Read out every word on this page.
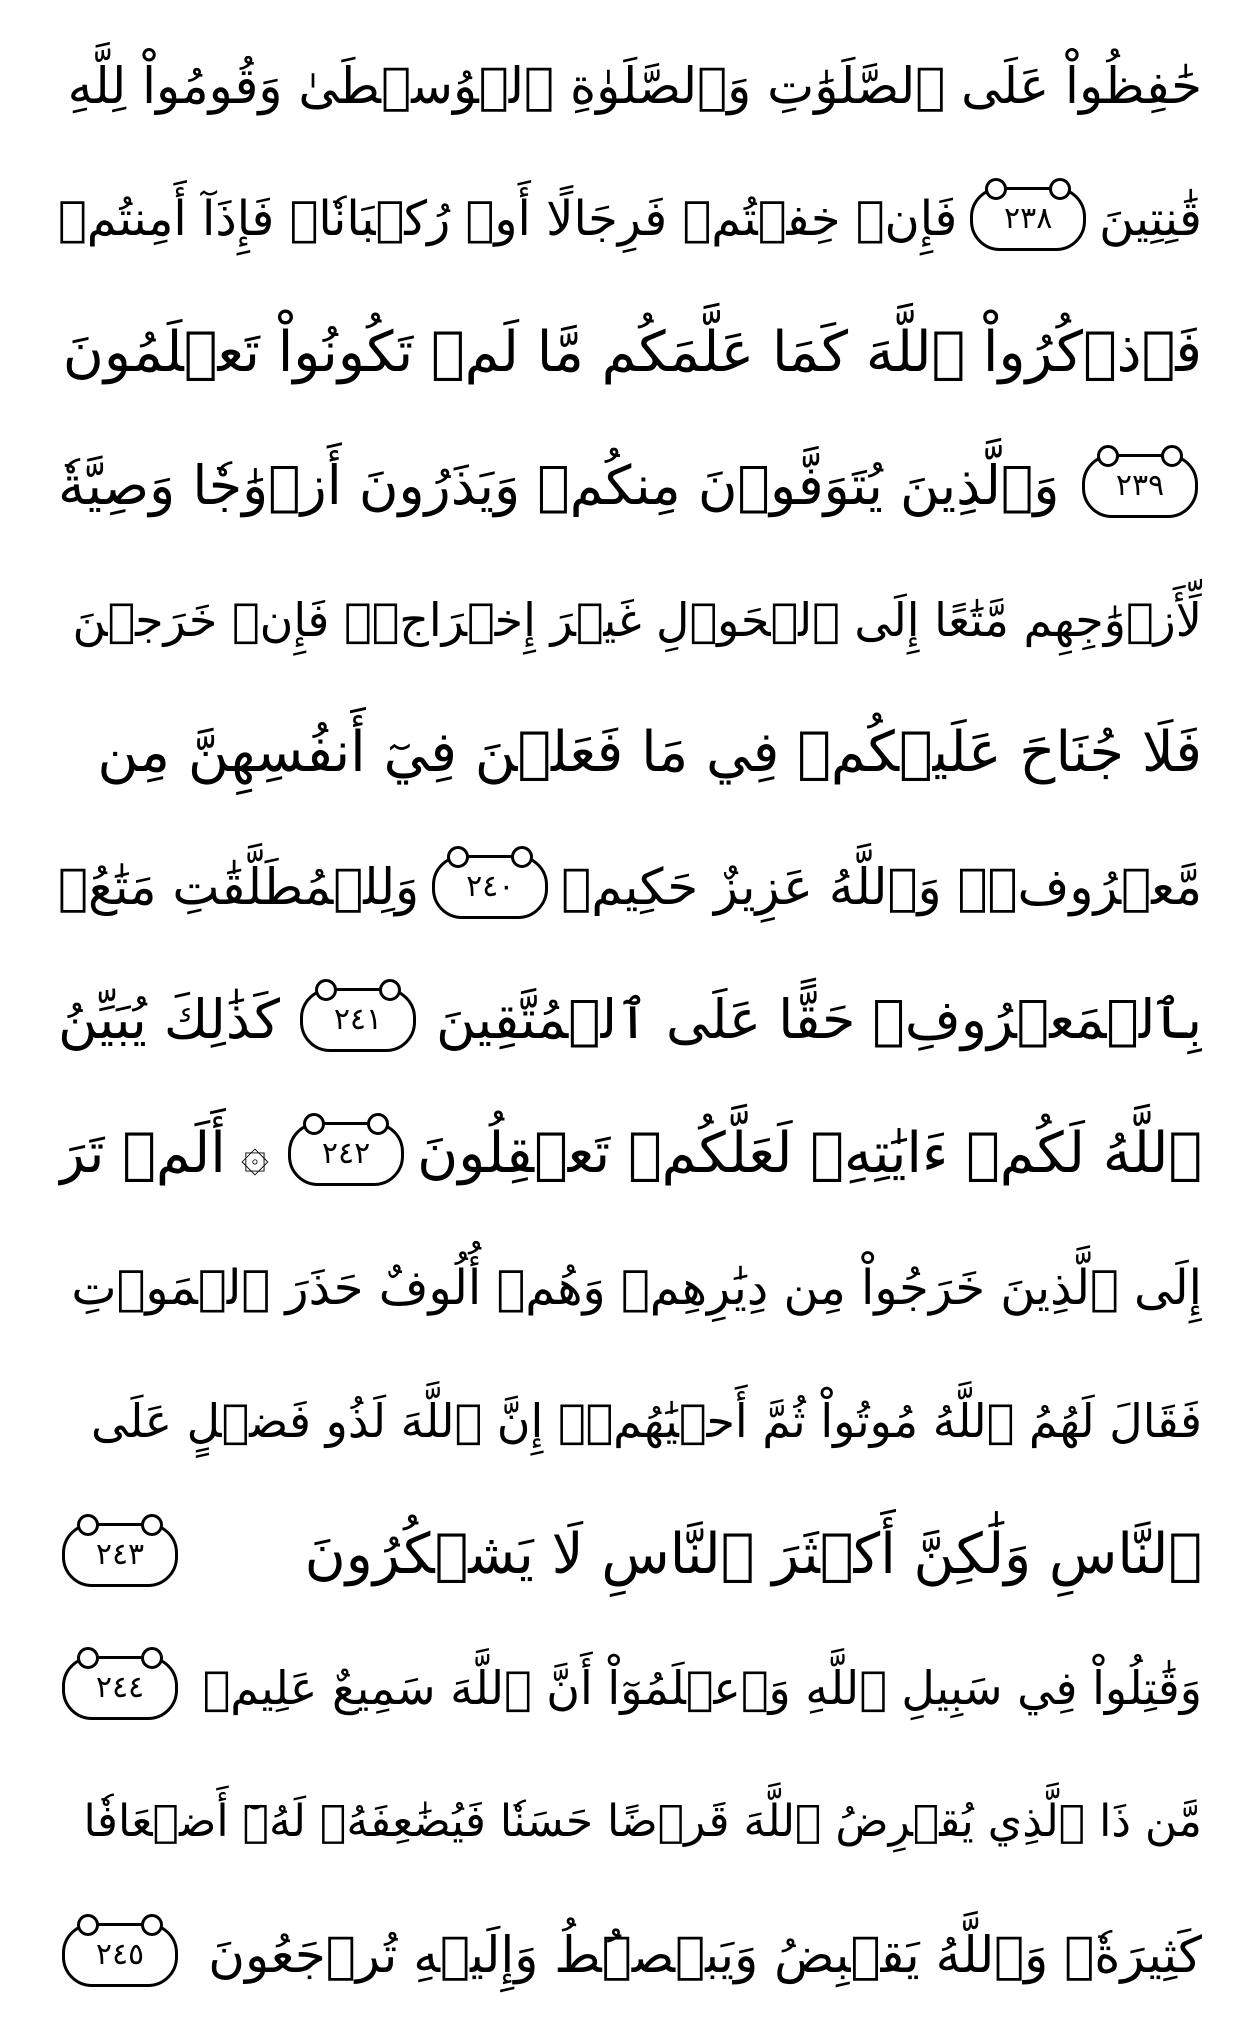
حَٰفِظُواْ عَلَى ٱلصَّلَوَٰتِ وَٱلصَّلَوٰةِ ٱلۡوُسۡطَىٰ وَقُومُواْ لِلَّهِ
قَٰنِتِينَ
٢٣٨
فَإِنۡ خِفۡتُمۡ فَرِجَالًا أَوۡ رُكۡبَانٗاۖ فَإِذَآ أَمِنتُمۡ
فَٱذۡكُرُواْ ٱللَّهَ كَمَا عَلَّمَكُم مَّا لَمۡ تَكُونُواْ تَعۡلَمُونَ
٢٣٩
وَٱلَّذِينَ يُتَوَفَّوۡنَ مِنكُمۡ وَيَذَرُونَ أَزۡوَٰجٗا وَصِيَّةٗ
لِّأَزۡوَٰجِهِم مَّتَٰعًا إِلَى ٱلۡحَوۡلِ غَيۡرَ إِخۡرَاجٖۚ فَإِنۡ خَرَجۡنَ
فَلَا جُنَاحَ عَلَيۡكُمۡ فِي مَا فَعَلۡنَ فِيٓ أَنفُسِهِنَّ مِن
مَّعۡرُوفٖۗ وَٱللَّهُ عَزِيزٌ حَكِيمٞ
٢٤٠
وَلِلۡمُطَلَّقَٰتِ مَتَٰعُۢ
بِٱلۡمَعۡرُوفِۖ حَقًّا عَلَى ٱلۡمُتَّقِينَ
٢٤١
كَذَٰلِكَ يُبَيِّنُ
ٱللَّهُ لَكُمۡ ءَايَٰتِهِۦ لَعَلَّكُمۡ تَعۡقِلُونَ
٢٤٢
۞
أَلَمۡ تَرَ
إِلَى ٱلَّذِينَ خَرَجُواْ مِن دِيَٰرِهِمۡ وَهُمۡ أُلُوفٌ حَذَرَ ٱلۡمَوۡتِ
فَقَالَ لَهُمُ ٱللَّهُ مُوتُواْ ثُمَّ أَحۡيَٰهُمۡۚ إِنَّ ٱللَّهَ لَذُو فَضۡلٍ عَلَى
ٱلنَّاسِ وَلَٰكِنَّ أَكۡثَرَ ٱلنَّاسِ لَا يَشۡكُرُونَ
٢٤٣
وَقَٰتِلُواْ فِي سَبِيلِ ٱللَّهِ وَٱعۡلَمُوٓاْ أَنَّ ٱللَّهَ سَمِيعٌ عَلِيمٞ
٢٤٤
مَّن ذَا ٱلَّذِي يُقۡرِضُ ٱللَّهَ قَرۡضًا حَسَنٗا فَيُضَٰعِفَهُۥ لَهُۥٓ أَضۡعَافٗا
كَثِيرَةٗۚ وَٱللَّهُ يَقۡبِضُ وَيَبۡصُۜطُ وَإِلَيۡهِ تُرۡجَعُونَ
٢٤٥
